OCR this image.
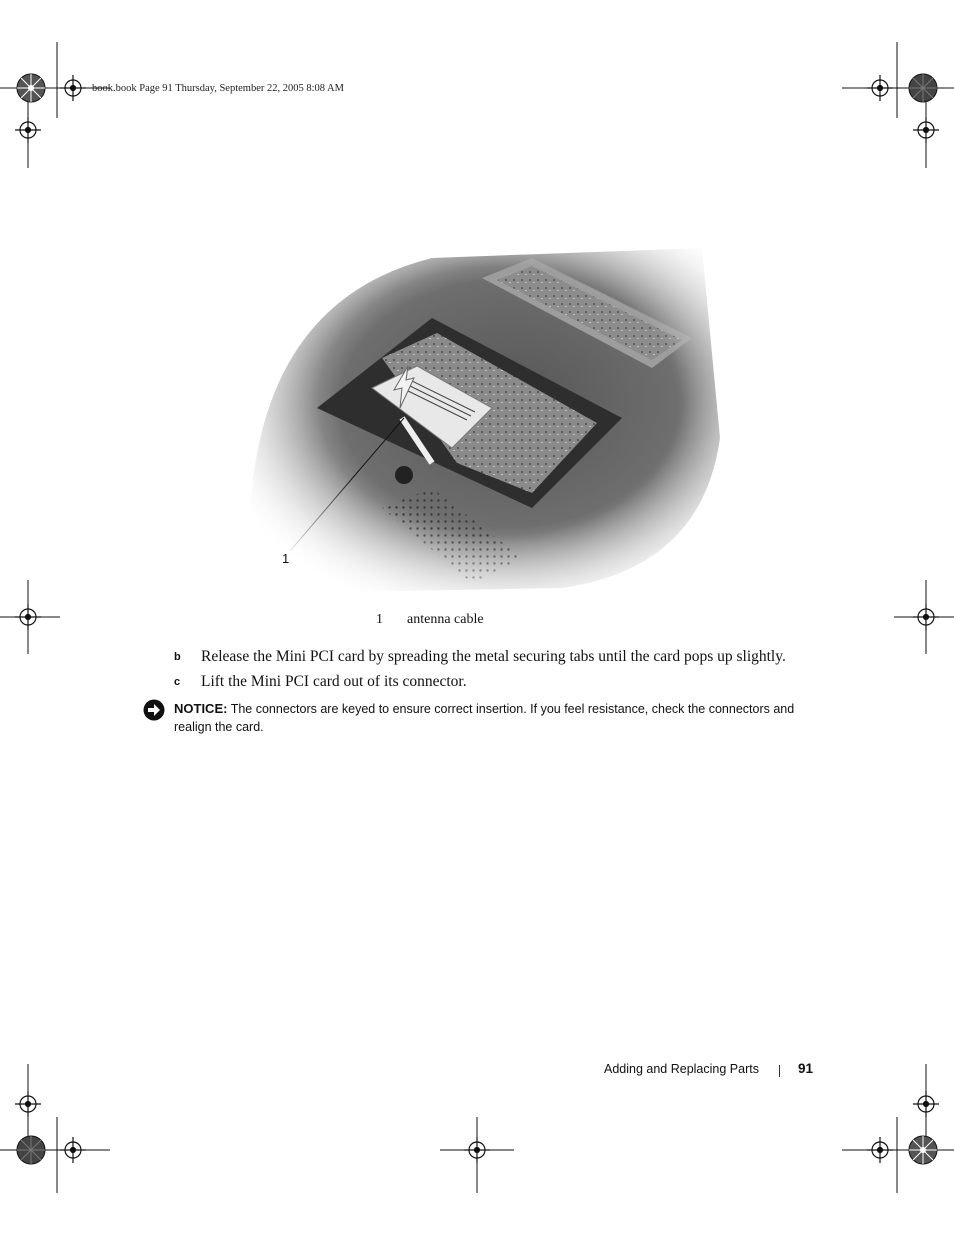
book.book Page 91 Thursday, September 22, 2005 8:08 AM
1
1 antenna cable
b Release the Mini PCI card by spreading the metal securing tabs until the card pops up slightly.
c Lift the Mini PCI card out of its connector.
NOTICE: The connectors are keyed to ensure correct insertion. If you feel resistance, check the connectors and realign the card.
Adding and Replacing Parts	91
